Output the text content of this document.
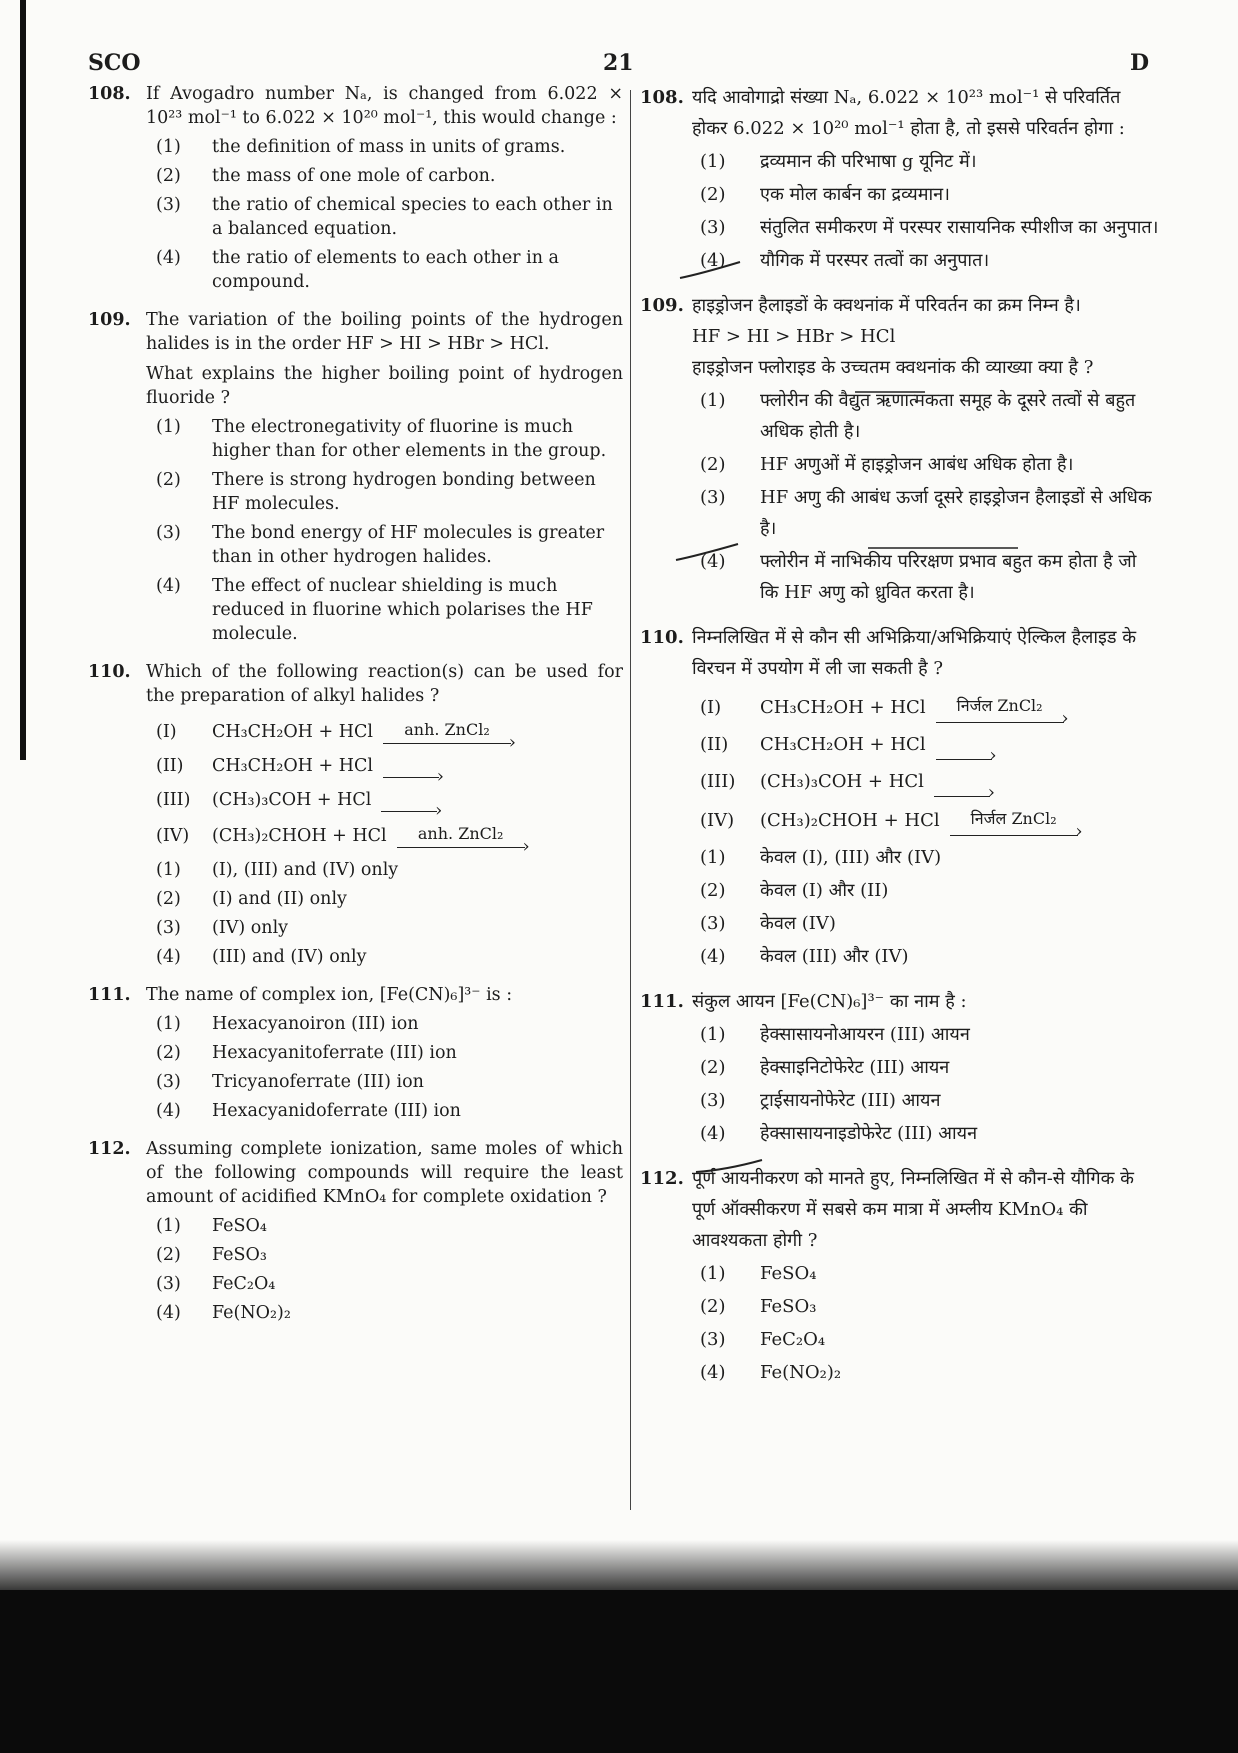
SCO	21	D
108. If Avogadro number Nₐ, is changed from 6.022 × 10²³ mol⁻¹ to 6.022 × 10²⁰ mol⁻¹, this would change :
(1)	the definition of mass in units of grams.
(2)	the mass of one mole of carbon.
(3)	the ratio of chemical species to each other in a balanced equation.
(4)	the ratio of elements to each other in a compound.
109. The variation of the boiling points of the hydrogen halides is in the order HF > HI > HBr > HCl.
What explains the higher boiling point of hydrogen fluoride ?
(1)	The electronegativity of fluorine is much higher than for other elements in the group.
(2)	There is strong hydrogen bonding between HF molecules.
(3)	The bond energy of HF molecules is greater than in other hydrogen halides.
(4)	The effect of nuclear shielding is much reduced in fluorine which polarises the HF molecule.
110. Which of the following reaction(s) can be used for the preparation of alkyl halides ?
(I)	CH₃CH₂OH + HCl	anh. ZnCl₂ ›
(II)	CH₃CH₂OH + HCl
›
(III)	(CH₃)₃COH + HCl
›
(IV)	(CH₃)₂CHOH + HCl	anh. ZnCl₂ ›
(1)	(I), (III) and (IV) only
(2)	(I) and (II) only
(3)	(IV) only
(4)	(III) and (IV) only
111. The name of complex ion, [Fe(CN)₆]³⁻ is :
(1)	Hexacyanoiron (III) ion
(2)	Hexacyanitoferrate (III) ion
(3)	Tricyanoferrate (III) ion
(4)	Hexacyanidoferrate (III) ion
112. Assuming complete ionization, same moles of which of the following compounds will require the least amount of acidified KMnO₄ for complete oxidation ?
(1)	FeSO₄
(2)	FeSO₃
(3)	FeC₂O₄
(4)	Fe(NO₂)₂
108. यदि आवोगाद्रो संख्या Nₐ, 6.022 × 10²³ mol⁻¹ से परिवर्तित होकर 6.022 × 10²⁰ mol⁻¹ होता है, तो इससे परिवर्तन होगा :
(1)	द्रव्यमान की परिभाषा g यूनिट में।
(2)	एक मोल कार्बन का द्रव्यमान।
(3)	संतुलित समीकरण में परस्पर रासायनिक स्पीशीज का अनुपात।
(4)	यौगिक में परस्पर तत्वों का अनुपात।
109. हाइड्रोजन हैलाइडों के क्वथनांक में परिवर्तन का क्रम निम्न है।
HF > HI > HBr > HCl
हाइड्रोजन फ्लोराइड के उच्चतम क्वथनांक की व्याख्या क्या है ?
(1)	फ्लोरीन की वैद्युत ऋणात्मकता समूह के दूसरे तत्वों से बहुत अधिक होती है।
(2)	HF अणुओं में हाइड्रोजन आबंध अधिक होता है।
(3)	HF अणु की आबंध ऊर्जा दूसरे हाइड्रोजन हैलाइडों से अधिक है।
(4)	फ्लोरीन में नाभिकीय परिरक्षण प्रभाव बहुत कम होता है जो कि HF अणु को ध्रुवित करता है।
110. निम्नलिखित में से कौन सी अभिक्रिया/अभिक्रियाएं ऐल्किल हैलाइड के विरचन में उपयोग में ली जा सकती है ?
(I)	CH₃CH₂OH + HCl	निर्जल ZnCl₂ ›
(II)	CH₃CH₂OH + HCl
›
(III)	(CH₃)₃COH + HCl
›
(IV)	(CH₃)₂CHOH + HCl	निर्जल ZnCl₂ ›
(1)	केवल (I), (III) और (IV)
(2)	केवल (I) और (II)
(3)	केवल (IV)
(4)	केवल (III) और (IV)
111. संकुल आयन [Fe(CN)₆]³⁻ का नाम है :
(1)	हेक्सासायनोआयरन (III) आयन
(2)	हेक्साइनिटोफेरेट (III) आयन
(3)	ट्राईसायनोफेरेट (III) आयन
(4)	हेक्सासायनाइडोफेरेट (III) आयन
112. पूर्ण आयनीकरण को मानते हुए, निम्नलिखित में से कौन-से यौगिक के पूर्ण ऑक्सीकरण में सबसे कम मात्रा में अम्लीय KMnO₄ की आवश्यकता होगी ?
(1)	FeSO₄
(2)	FeSO₃
(3)	FeC₂O₄
(4)	Fe(NO₂)₂
